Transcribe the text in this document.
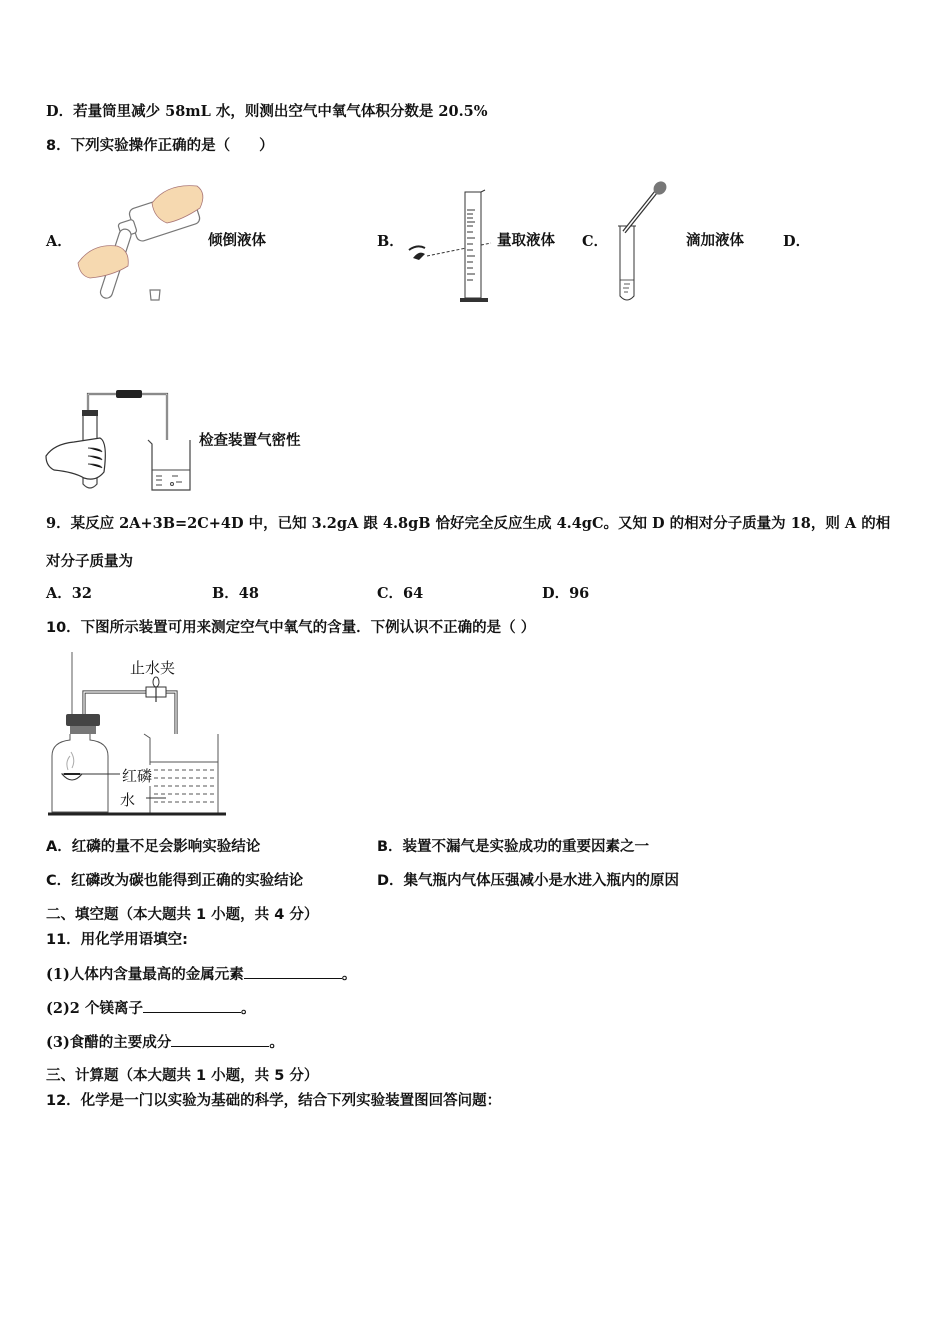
D．若量筒里减少 58mL 水，则测出空气中氧气体积分数是 20.5%
8．下列实验操作正确的是（　　）
A．	倾倒液体	B．	量取液体 C．	滴加液体	D．
检查装置气密性
9．某反应 2A+3B=2C+4D 中，已知 3.2gA 跟 4.8gB 恰好完全反应生成 4.4gC。又知 D 的相对分子质量为 18，则 A 的相
对分子质量为
A．32	B．48	C．64	D．96
10．下图所示装置可用来测定空气中氧气的含量．下例认识不正确的是（ ）
止水夹
红磷
水
A．红磷的量不足会影响实验结论	B．装置不漏气是实验成功的重要因素之一
C．红磷改为碳也能得到正确的实验结论	D．集气瓶内气体压强减小是水进入瓶内的原因
二、填空题（本大题共 1 小题，共 4 分）
11．用化学用语填空:
(1)人体内含量最高的金属元素	。
(2)2 个镁离子	。
(3)食醋的主要成分	。
三、计算题（本大题共 1 小题，共 5 分）
12．化学是一门以实验为基础的科学，结合下列实验装置图回答问题：
